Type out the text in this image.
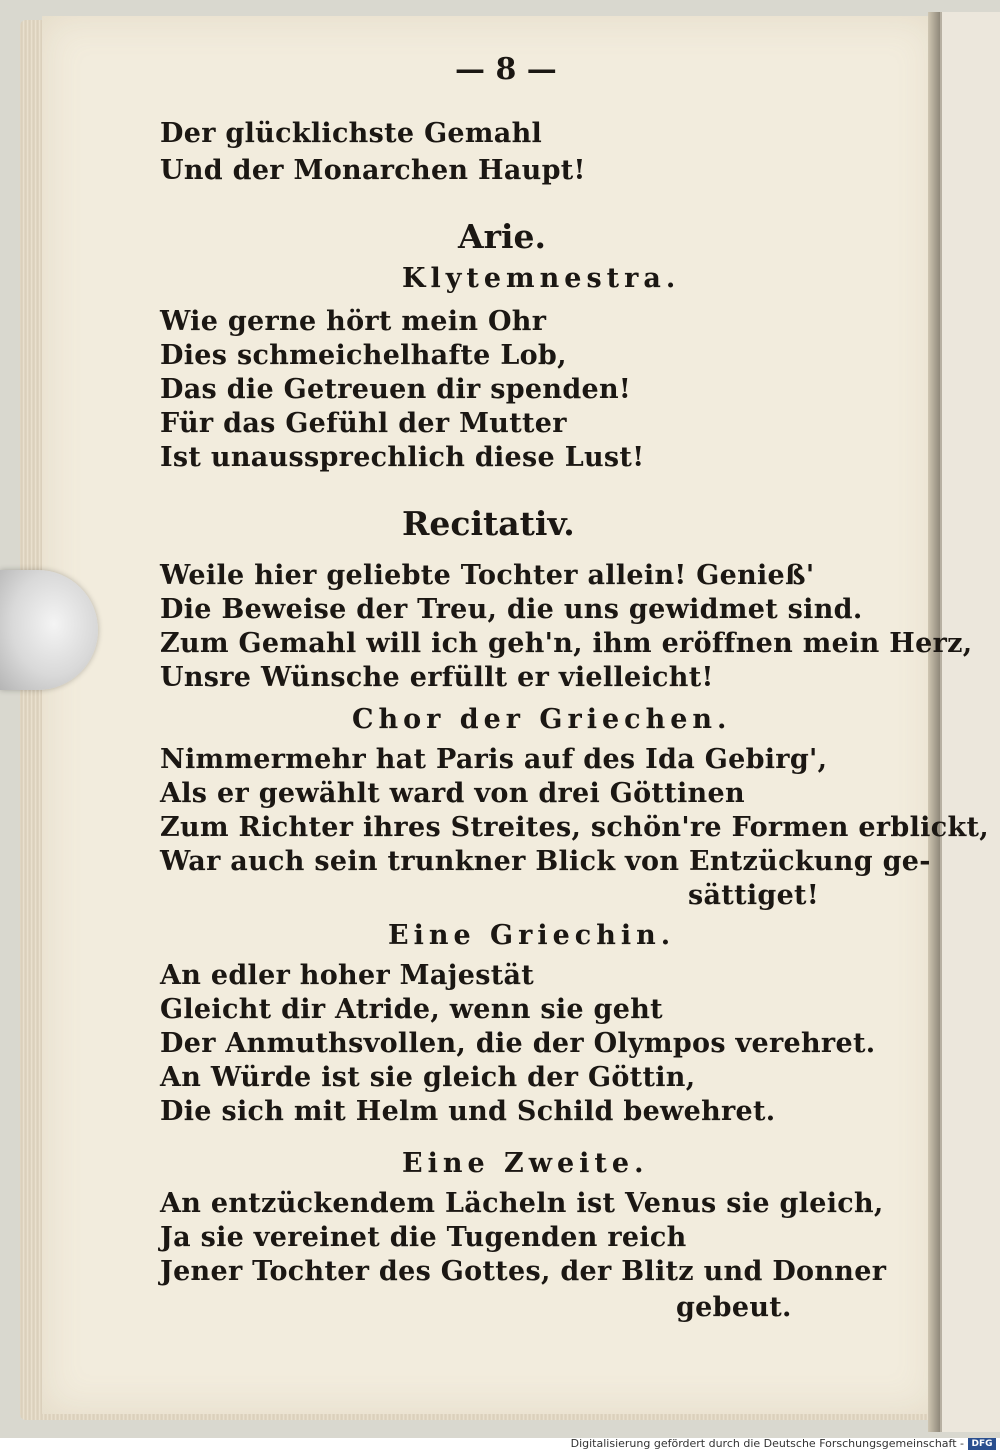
— 8 —
Der glücklichste Gemahl
Und der Monarchen Haupt!
Arie.
Klytemnestra.
Wie gerne hört mein Ohr
Dies schmeichelhafte Lob,
Das die Getreuen dir spenden!
Für das Gefühl der Mutter
Ist unaussprechlich diese Lust!
Recitativ.
Weile hier geliebte Tochter allein! Genieß'
Die Beweise der Treu, die uns gewidmet sind.
Zum Gemahl will ich geh'n, ihm eröffnen mein Herz,
Unsre Wünsche erfüllt er vielleicht!
Chor der Griechen.
Nimmermehr hat Paris auf des Ida Gebirg',
Als er gewählt ward von drei Göttinen
Zum Richter ihres Streites, schön're Formen erblickt,
War auch sein trunkner Blick von Entzückung ge-
sättiget!
Eine Griechin.
An edler hoher Majestät
Gleicht dir Atride, wenn sie geht
Der Anmuthsvollen, die der Olympos verehret.
An Würde ist sie gleich der Göttin,
Die sich mit Helm und Schild bewehret.
Eine Zweite.
An entzückendem Lächeln ist Venus sie gleich,
Ja sie vereinet die Tugenden reich
Jener Tochter des Gottes, der Blitz und Donner
gebeut.
Digitalisierung gefördert durch die Deutsche Forschungsgemeinschaft - DFG
